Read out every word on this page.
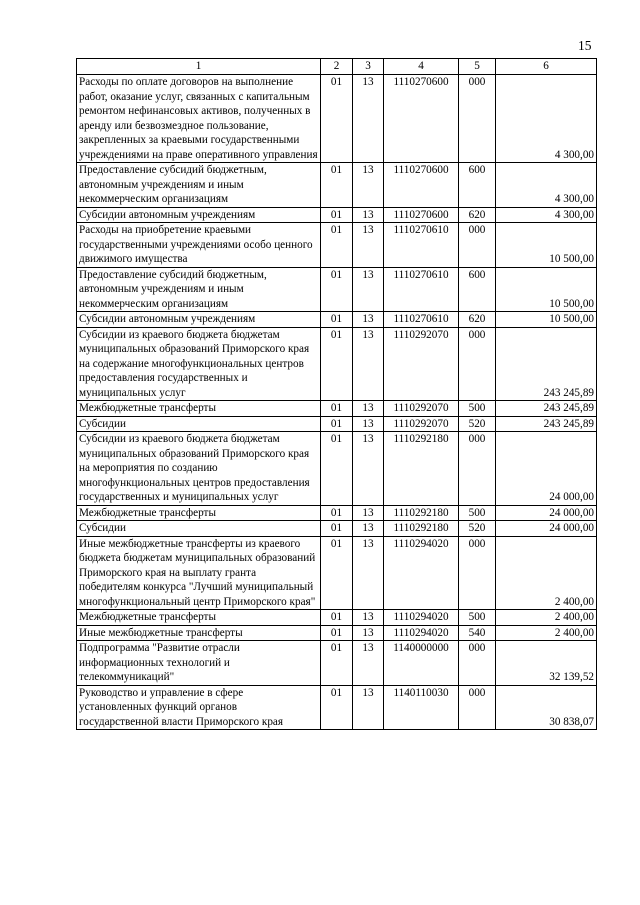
15
1	2	3	4	5	6
Расходы по оплате договоров на выполнение работ, оказание услуг, связанных с капитальным ремонтом нефинансовых активов, полученных в аренду или безвозмездное пользование, закрепленных за краевыми государственными учреждениями на праве оперативного управления	01	13	1110270600	000	4 300,00
Предоставление субсидий бюджетным, автономным учреждениям и иным некоммерческим организациям	01	13	1110270600	600	4 300,00
Субсидии автономным учреждениям	01	13	1110270600	620	4 300,00
Расходы на приобретение краевыми государственными учреждениями особо ценного движимого имущества	01	13	1110270610	000	10 500,00
Предоставление субсидий бюджетным, автономным учреждениям и иным некоммерческим организациям	01	13	1110270610	600	10 500,00
Субсидии автономным учреждениям	01	13	1110270610	620	10 500,00
Субсидии из краевого бюджета бюджетам муниципальных образований Приморского края на содержание многофункциональных центров предоставления государственных и муниципальных услуг	01	13	1110292070	000	243 245,89
Межбюджетные трансферты	01	13	1110292070	500	243 245,89
Субсидии	01	13	1110292070	520	243 245,89
Субсидии из краевого бюджета бюджетам муниципальных образований Приморского края на мероприятия по созданию многофункциональных центров предоставления государственных и муниципальных услуг	01	13	1110292180	000	24 000,00
Межбюджетные трансферты	01	13	1110292180	500	24 000,00
Субсидии	01	13	1110292180	520	24 000,00
Иные межбюджетные трансферты из краевого бюджета бюджетам муниципальных образований Приморского края на выплату гранта победителям конкурса "Лучший муниципальный многофункциональный центр Приморского края"	01	13	1110294020	000	2 400,00
Межбюджетные трансферты	01	13	1110294020	500	2 400,00
Иные межбюджетные трансферты	01	13	1110294020	540	2 400,00
Подпрограмма "Развитие отрасли информационных технологий и телекоммуникаций"	01	13	1140000000	000	32 139,52
Руководство и управление в сфере установленных функций органов государственной власти Приморского края	01	13	1140110030	000	30 838,07
